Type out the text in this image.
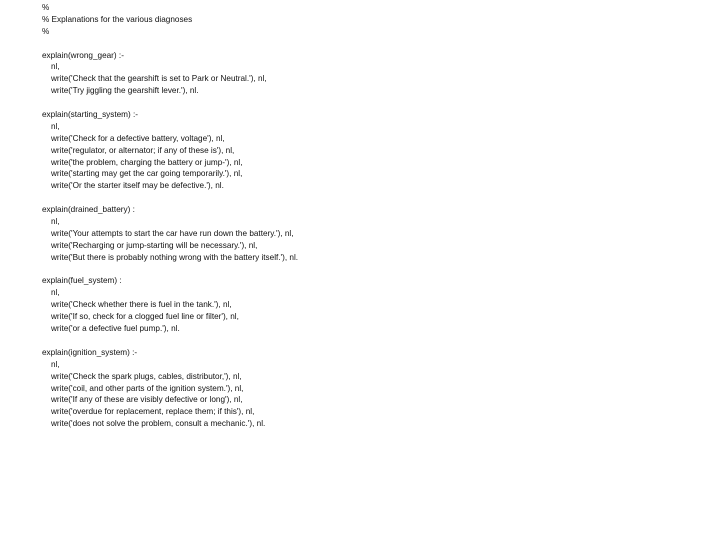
%
% Explanations for the various diagnoses
%
explain(wrong_gear) :-
nl,
write('Check that the gearshift is set to Park or Neutral.'), nl,
write('Try jiggling the gearshift lever.'), nl.
explain(starting_system) :-
nl,
write('Check for a defective battery, voltage'), nl,
write('regulator, or alternator; if any of these is'), nl,
write('the problem, charging the battery or jump-'), nl,
write('starting may get the car going temporarily.'), nl,
write('Or the starter itself may be defective.'), nl.
explain(drained_battery) :
nl,
write('Your attempts to start the car have run down the battery.'), nl,
write('Recharging or jump-starting will be necessary.'), nl,
write('But there is probably nothing wrong with the battery itself.'), nl.
explain(fuel_system) :
nl,
write('Check whether there is fuel in the tank.'), nl,
write('If so, check for a clogged fuel line or filter'), nl,
write('or a defective fuel pump.'), nl.
explain(ignition_system) :-
nl,
write('Check the spark plugs, cables, distributor,'), nl,
write('coil, and other parts of the ignition system.'), nl,
write('If any of these are visibly defective or long'), nl,
write('overdue for replacement, replace them; if this'), nl,
write('does not solve the problem, consult a mechanic.'), nl.
